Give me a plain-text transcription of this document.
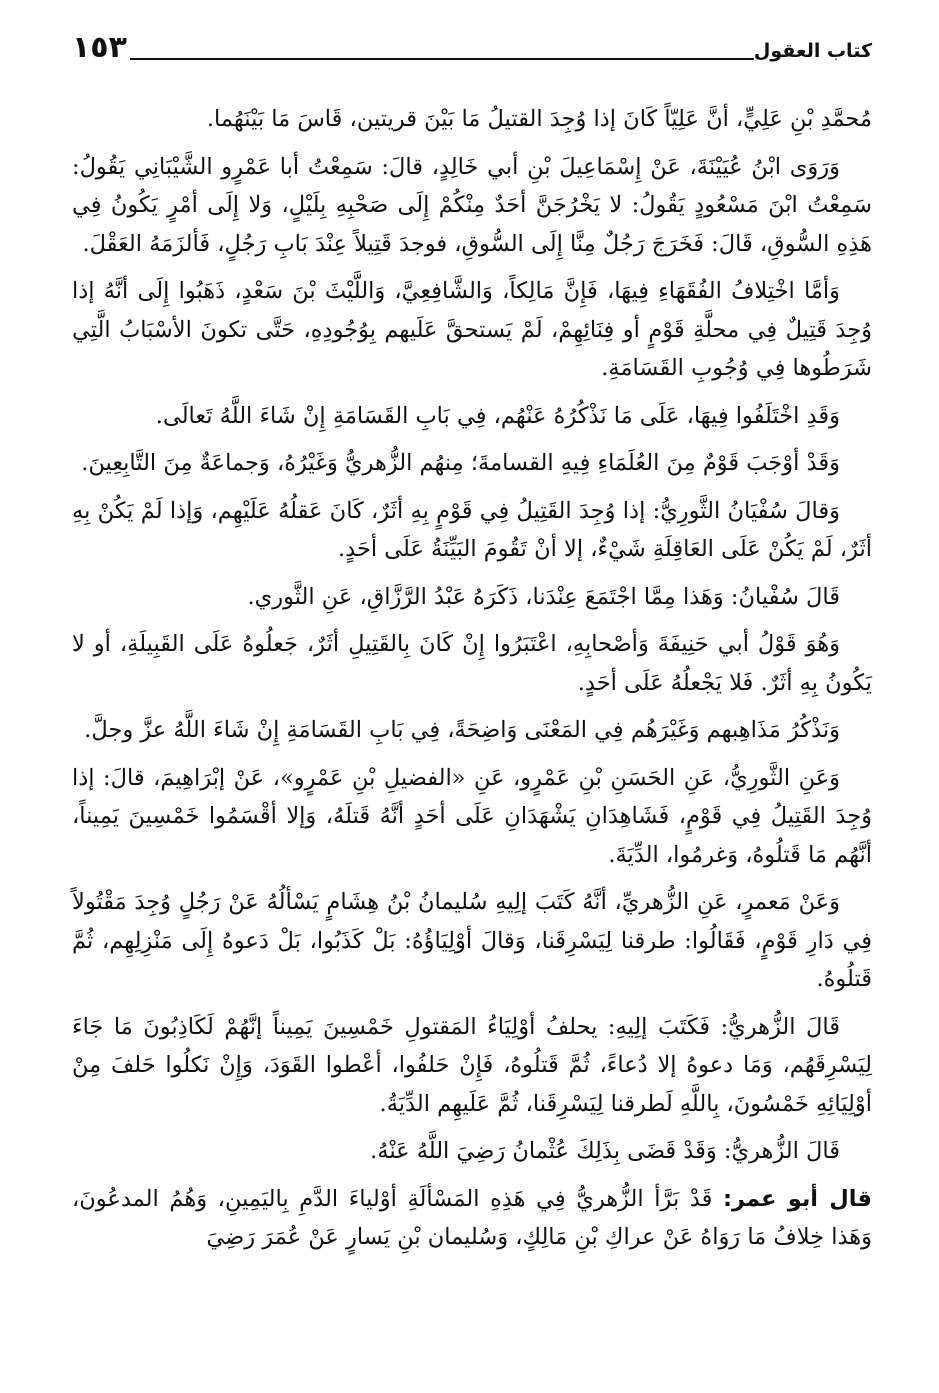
كتاب العقول
١٥٣

مُحمَّدِ بْنِ عَلِيٍّ، أنَّ عَلِيّاً كَانَ إذا وُجِدَ القتيلُ مَا بَيْنَ قريتين، قَاسَ مَا بَيْنَهُما.

وَرَوَى ابْنُ عُيَيْنَةَ، عَنْ إِسْمَاعِيلَ بْنِ أبي خَالِدٍ، قالَ: سَمِعْتُ أبا عَمْرٍو الشَّيْبَانِي يَقُولُ: سَمِعْتُ ابْنَ مَسْعُودٍ يَقُولُ: لا يَخْرُجَنَّ أحَدٌ مِنْكُمْ إِلَى صَحْبِهِ بِلَيْلٍ، وَلا إِلَى أمْرٍ يَكُونُ فِي هَذِهِ السُّوقِ، قَالَ: فَخَرَجَ رَجُلٌ مِنَّا إِلَى السُّوقِ، فوجدَ قَتِيلاً عِنْدَ بَابِ رَجُلٍ، فَألزَمَهُ العَقْلَ.

وَأمَّا اخْتِلافُ الفُقَهَاءِ فِيهَا، فَإِنَّ مَالِكاً، وَالشَّافِعِيَّ، وَاللَّيْثَ بْنَ سَعْدٍ، ذَهَبُوا إِلَى أنَّهُ إذا وُجِدَ قَتِيلٌ فِي محلَّةِ قَوْمٍ أو فِنَائِهِمْ، لَمْ يَستحقَّ عَلَيهم بِوُجُودِهِ، حَتَّى تكونَ الأسْبَابُ الَّتِي شَرَطُوها فِي وُجُوبِ القَسَامَةِ.

وَقَدِ اخْتَلَفُوا فِيهَا، عَلَى مَا نَذْكُرُهُ عَنْهُم، فِي بَابِ القَسَامَةِ إِنْ شَاءَ اللَّهُ تَعالَى.

وَقَدْ أوْجَبَ قَوْمٌ مِنَ العُلَمَاءِ فِيهِ القسامةَ؛ مِنهُم الزُّهريُّ وَغَيْرُهُ، وَجماعَةٌ مِنَ التَّابِعِينَ.

وَقالَ سُفْيَانُ الثَّورِيُّ: إذا وُجِدَ القَتِيلُ فِي قَوْمٍ بِهِ أثَرٌ، كَانَ عَقلُهُ عَلَيْهِم، وَإذا لَمْ يَكُنْ بِهِ أثَرٌ، لَمْ يَكُنْ عَلَى العَاقِلَةِ شَيْءٌ، إلا أنْ تَقُومَ البَيِّنَةُ عَلَى أحَدٍ.

قَالَ سُفْيانُ: وَهَذا مِمَّا اجْتَمَعَ عِنْدَنا، ذَكَرَهُ عَبْدُ الرَّزَّاقِ، عَنِ الثَّوري.

وَهُوَ قَوْلُ أبي حَنِيفَةَ وَأصْحابِهِ، اعْتَبَرُوا إِنْ كَانَ بِالقَتِيلِ أثَرٌ، جَعلُوهُ عَلَى القَبِيلَةِ، أو لا يَكُونُ بِهِ أثَرٌ. فَلا يَجْعلُهُ عَلَى أحَدٍ.

وَنَذْكُرُ مَذَاهِبهم وَغَيْرَهُم فِي المَعْنَى وَاضِحَةً، فِي بَابِ القَسَامَةِ إِنْ شَاءَ اللَّهُ عزَّ وجلَّ.

وَعَنِ الثَّورِيُّ، عَنِ الحَسَنِ بْنِ عَمْرٍو، عَنِ «الفضيلِ بْنِ عَمْرٍو»، عَنْ إبْرَاهِيمَ، قالَ: إذا وُجِدَ القَتِيلُ فِي قَوْمٍ، فَشَاهِدَانِ يَشْهَدَانِ عَلَى أحَدٍ أنَّهُ قَتلَهُ، وَإلا أقْسَمُوا خَمْسِينَ يَمِيناً، أنَّهُم مَا قَتلُوهُ، وَغرمُوا، الدِّيَةَ.

وَعَنْ مَعمرٍ، عَنِ الزُّهريِّ، أنَّهُ كَتَبَ إلِيهِ سُليمانُ بْنُ هِشَامٍ يَسْألُهُ عَنْ رَجُلٍ وُجِدَ مَقْتُولاً فِي دَارِ قَوْمٍ، فَقَالُوا: طرقنا لِيَسْرِقَنا، وَقالَ أوْلِيَاؤُهُ: بَلْ كَذَبُوا، بَلْ دَعوهُ إِلَى مَنْزِلِهِم، ثُمَّ قَتلُوهُ.

قَالَ الزُّهريُّ: فَكَتَبَ إلِيهِ: يحلفُ أوْلِيَاءُ المَقتولِ خَمْسِينَ يَمِيناً إنَّهُمْ لَكَاذِبُونَ مَا جَاءَ لِيَسْرِقَهُم، وَمَا دعوهُ إلا دُعاءً، ثُمَّ قَتلُوهُ، فَإِنْ حَلفُوا، أعْطوا القَوَدَ، وَإِنْ نَكلُوا حَلفَ مِنْ أوْلِيَائِهِ خَمْسُونَ، بِاللَّهِ لَطرقنا لِيَسْرِقَنا، ثُمَّ عَلَيهِم الدِّيَةُ.

قَالَ الزُّهريُّ: وَقَدْ قَضَى بِذَلِكَ عُثْمانُ رَضِيَ اللَّهُ عَنْهُ.

قال أبو عمر: قَدْ بَرَّأ الزُّهريُّ فِي هَذِهِ المَسْألَةِ أوْلياءَ الدَّمِ بِاليَمِينِ، وَهُمُ المدعُونَ، وَهَذا خِلافُ مَا رَوَاهُ عَنْ عراكِ بْنِ مَالِكٍ، وَسُليمان بْنِ يَسارٍ عَنْ عُمَرَ رَضِيَ
